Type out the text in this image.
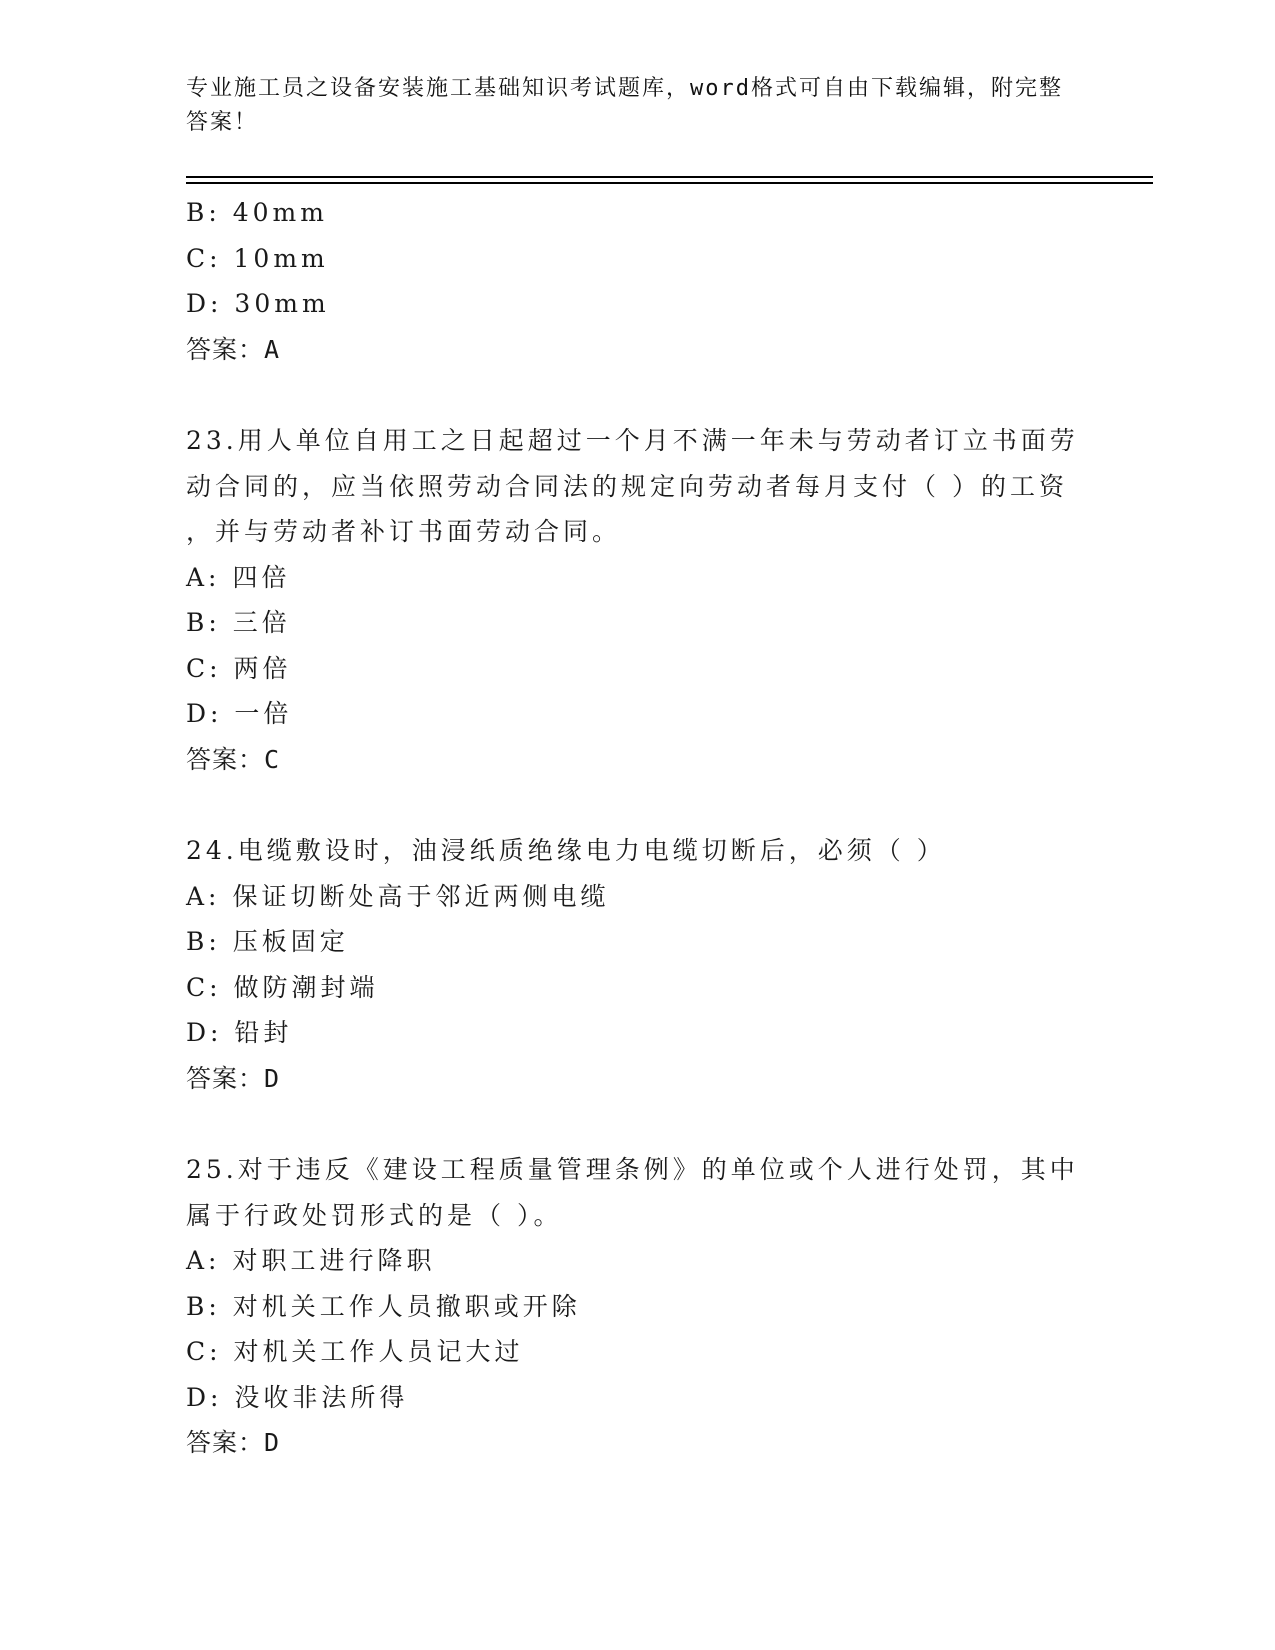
专业施工员之设备安装施工基础知识考试题库，word格式可自由下载编辑，附完整答案！
B: 40mm
C: 10mm
D: 30mm
答案：A
23.用人单位自用工之日起超过一个月不满一年未与劳动者订立书面劳
动合同的，应当依照劳动合同法的规定向劳动者每月支付（ ）的工资
，并与劳动者补订书面劳动合同。
A: 四倍
B: 三倍
C: 两倍
D: 一倍
答案：C
24.电缆敷设时，油浸纸质绝缘电力电缆切断后，必须（ ）
A: 保证切断处高于邻近两侧电缆
B: 压板固定
C: 做防潮封端
D: 铅封
答案：D
25.对于违反《建设工程质量管理条例》的单位或个人进行处罚，其中
属于行政处罚形式的是（ ）。
A: 对职工进行降职
B: 对机关工作人员撤职或开除
C: 对机关工作人员记大过
D: 没收非法所得
答案：D
